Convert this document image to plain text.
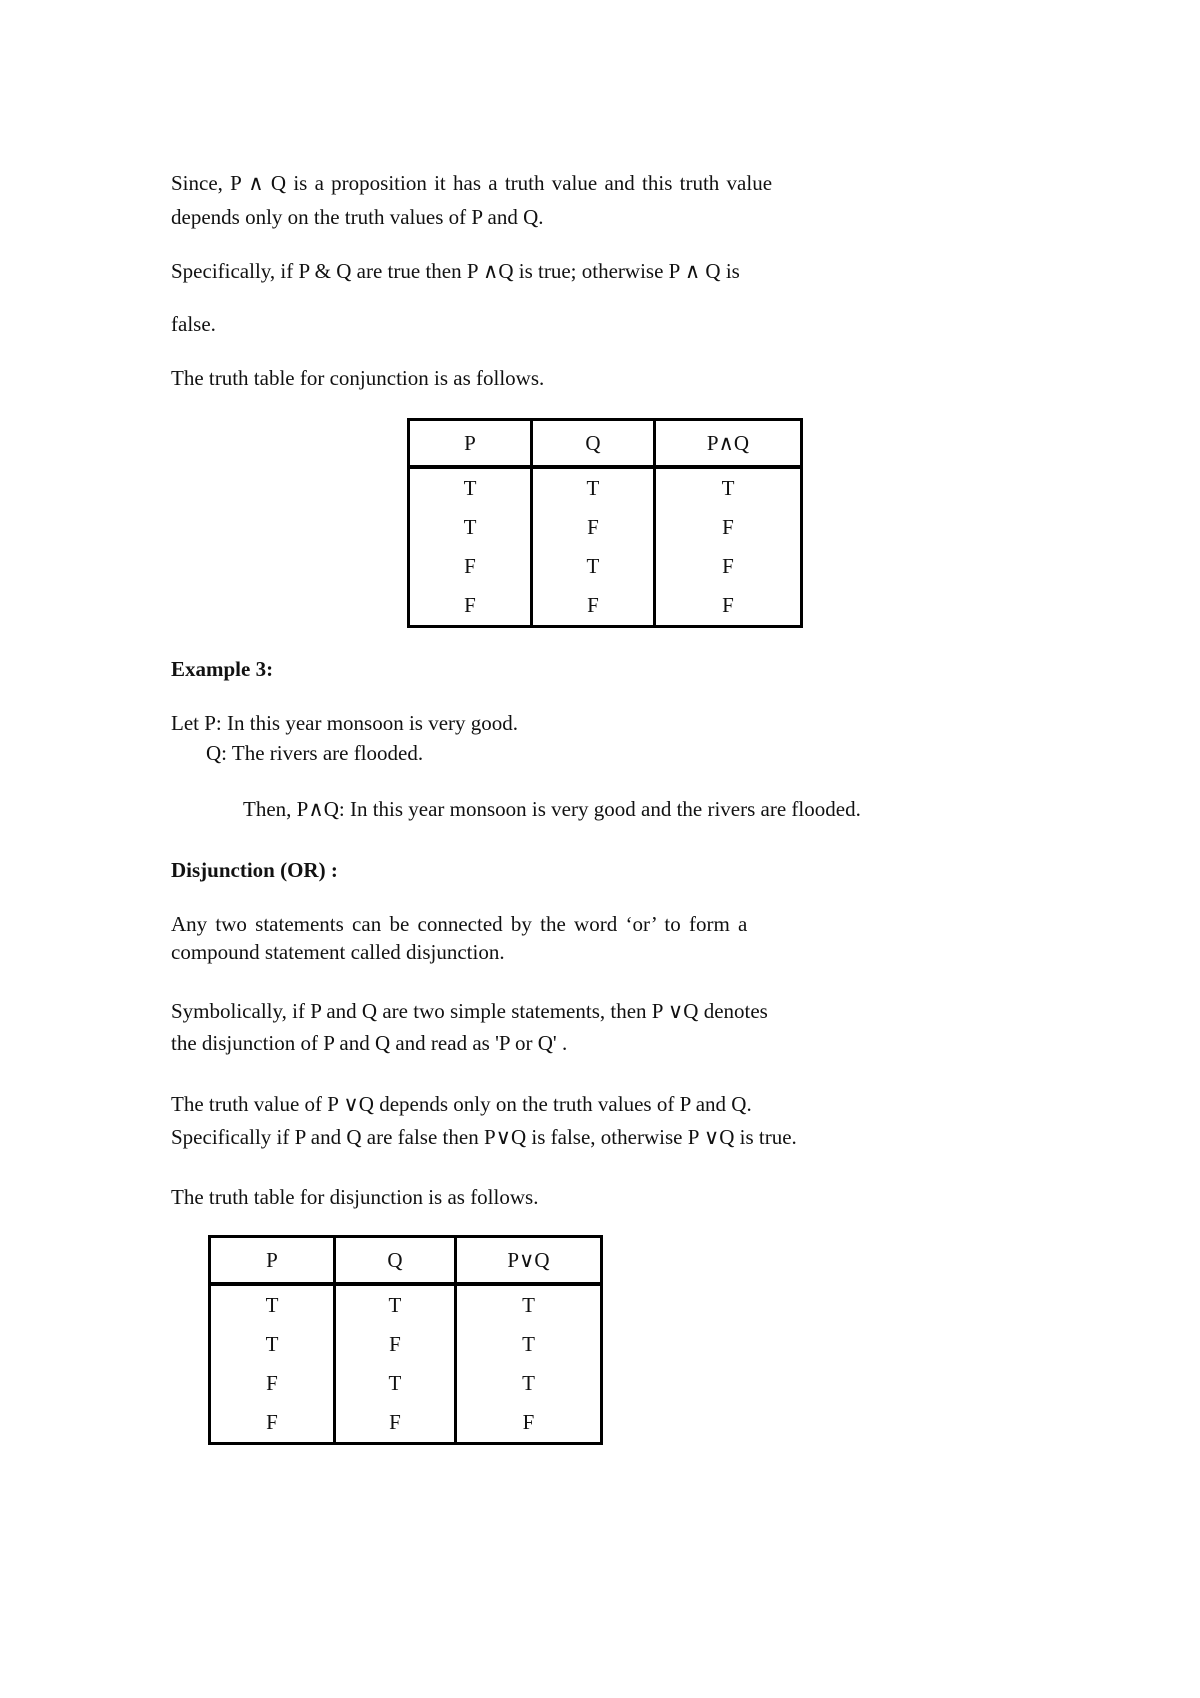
Since, P ∧ Q is a proposition it has a truth value and this truth value
depends only on the truth values of P and Q.
Specifically, if P & Q are true then P ∧Q is true; otherwise P ∧ Q is
false.
The truth table for conjunction is as follows.
P	Q	P∧Q
T	T	T
T	F	F
F	T	F
F	F	F
Example 3:
Let P: In this year monsoon is very good.
Q: The rivers are flooded.
Then, P∧Q: In this year monsoon is very good and the rivers are flooded.
Disjunction (OR) :
Any two statements can be connected by the word ‘or’ to form a
compound statement called disjunction.
Symbolically, if P and Q are two simple statements, then P ∨Q denotes
the disjunction of P and Q and read as 'P or Q' .
The truth value of P ∨Q depends only on the truth values of P and Q.
Specifically if P and Q are false then P∨Q is false, otherwise P ∨Q is true.
The truth table for disjunction is as follows.
P	Q	P∨Q
T	T	T
T	F	T
F	T	T
F	F	F
